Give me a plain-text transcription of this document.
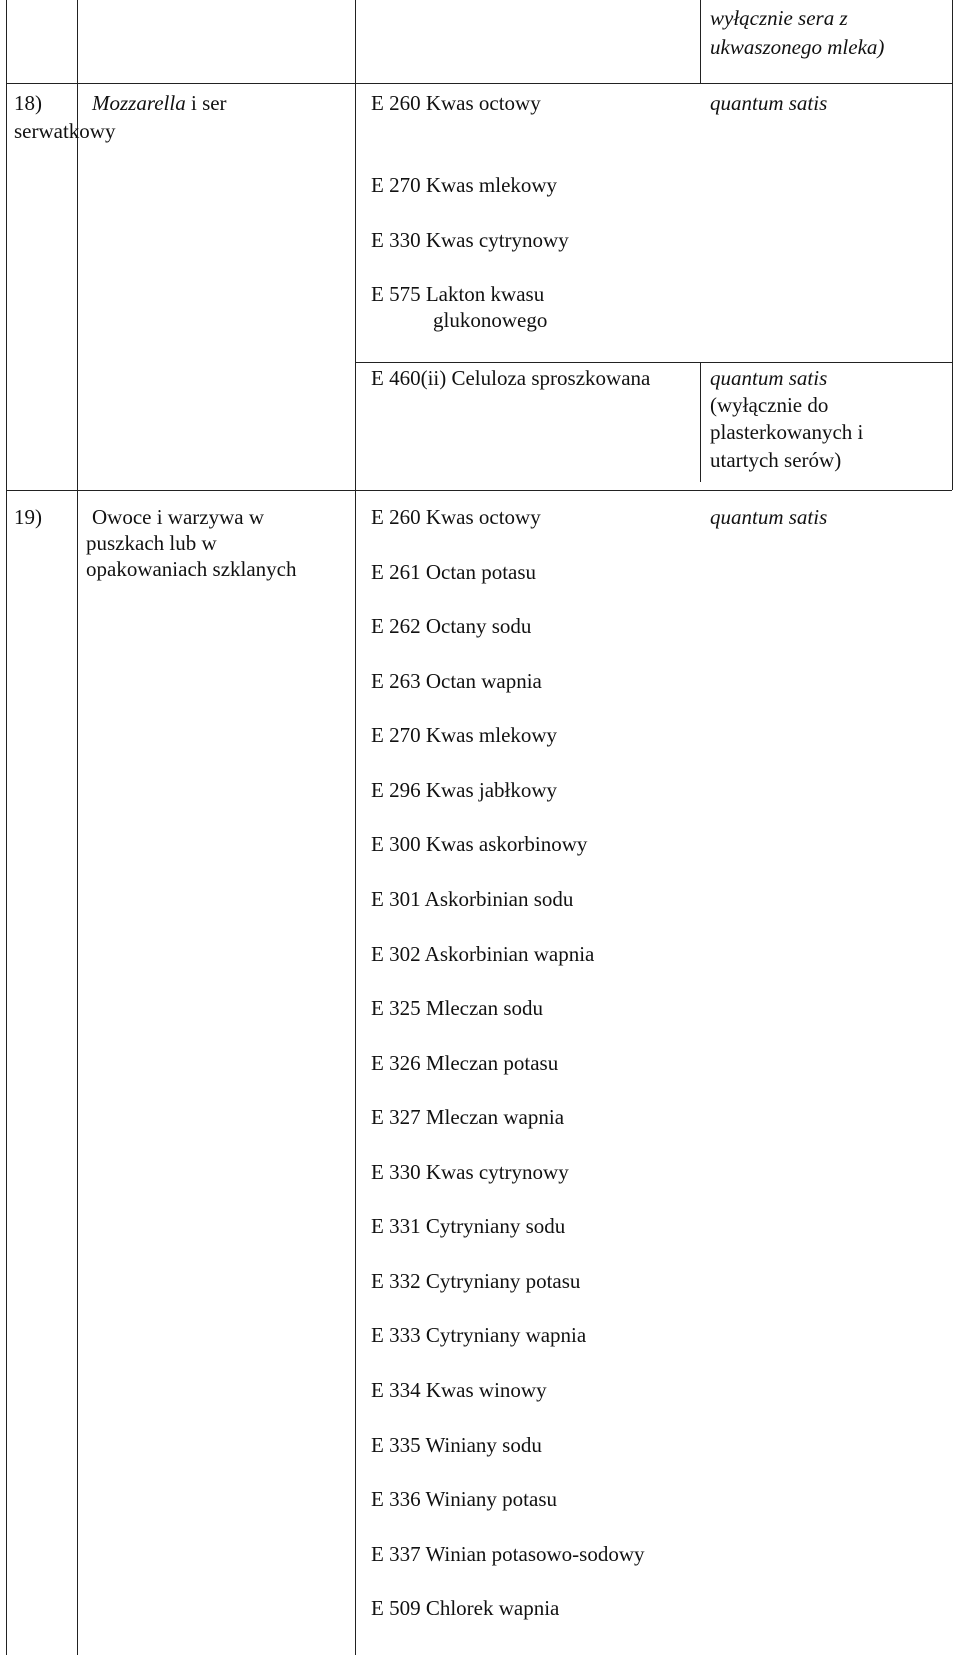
wyłącznie sera z
ukwaszonego mleka)
18) Mozzarella i ser
serwatkowy
E 260 Kwas octowy
E 270 Kwas mlekowy
E 330 Kwas cytrynowy
E 575 Lakton kwasu
glukonowego
quantum satis
E 460(ii) Celuloza sproszkowana	quantum satis
(wyłącznie do
plasterkowanych i
utartych serów)
19) Owoce i warzywa w
puszkach lub w
opakowaniach szklanych
quantum satis
E 260 Kwas octowy
E 261 Octan potasu
E 262 Octany sodu
E 263 Octan wapnia
E 270 Kwas mlekowy
E 296 Kwas jabłkowy
E 300 Kwas askorbinowy
E 301 Askorbinian sodu
E 302 Askorbinian wapnia
E 325 Mleczan sodu
E 326 Mleczan potasu
E 327 Mleczan wapnia
E 330 Kwas cytrynowy
E 331 Cytryniany sodu
E 332 Cytryniany potasu
E 333 Cytryniany wapnia
E 334 Kwas winowy
E 335 Winiany sodu
E 336 Winiany potasu
E 337 Winian potasowo-sodowy
E 509 Chlorek wapnia
